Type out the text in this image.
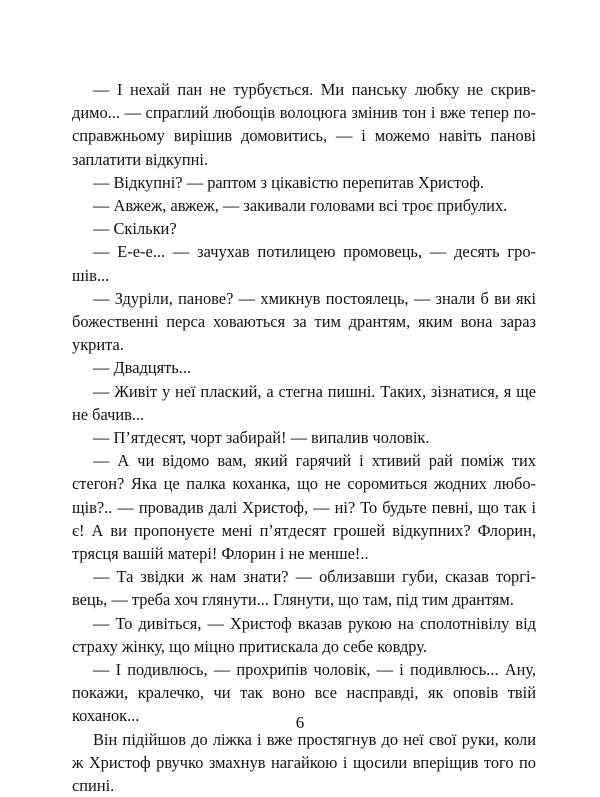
— І нехай пан не турбується. Ми панську любку не скривдимо... — спраглий любощів волоцюга змінив тон і вже тепер по-справжньому вирішив домовитись, — і можемо навіть панові заплатити відкупні.

— Відкупні? — раптом з цікавістю перепитав Христоф.

— Авжеж, авжеж, — закивали головами всі троє прибулих.

— Скільки?

— Е-е-е... — зачухав потилицею промовець, — десять грошів...

— Здуріли, панове? — хмикнув постоялець, — знали б ви які божественні перса ховаються за тим дрантям, яким вона зараз укрита.

— Двадцять...

— Живіт у неї плаский, а стегна пишні. Таких, зізнатися, я ще не бачив...

— П’ятдесят, чорт забирай! — випалив чоловік.

— А чи відомо вам, який гарячий і хтивий рай поміж тих стегон? Яка це палка коханка, що не соромиться жодних любощів?.. — провадив далі Христоф, — ні? То будьте певні, що так і є! А ви пропонуєте мені п’ятдесят грошей відкупних? Флорин, трясця вашій матері! Флорин і не менше!..

— Та звідки ж нам знати? — облизавши губи, сказав торгівець, — треба хоч глянути... Глянути, що там, під тим дрантям.

— То дивіться, — Христоф вказав рукою на сполотнівілу від страху жінку, що міцно притискала до себе ковдру.

— І подивлюсь, — прохрипів чоловік, — і подивлюсь... Ану, покажи, кралечко, чи так воно все насправді, як оповів твій коханок...

Він підійшов до ліжка і вже простягнув до неї свої руки, коли ж Христоф рвучко змахнув нагайкою і щосили вперіщив того по спині.

6
